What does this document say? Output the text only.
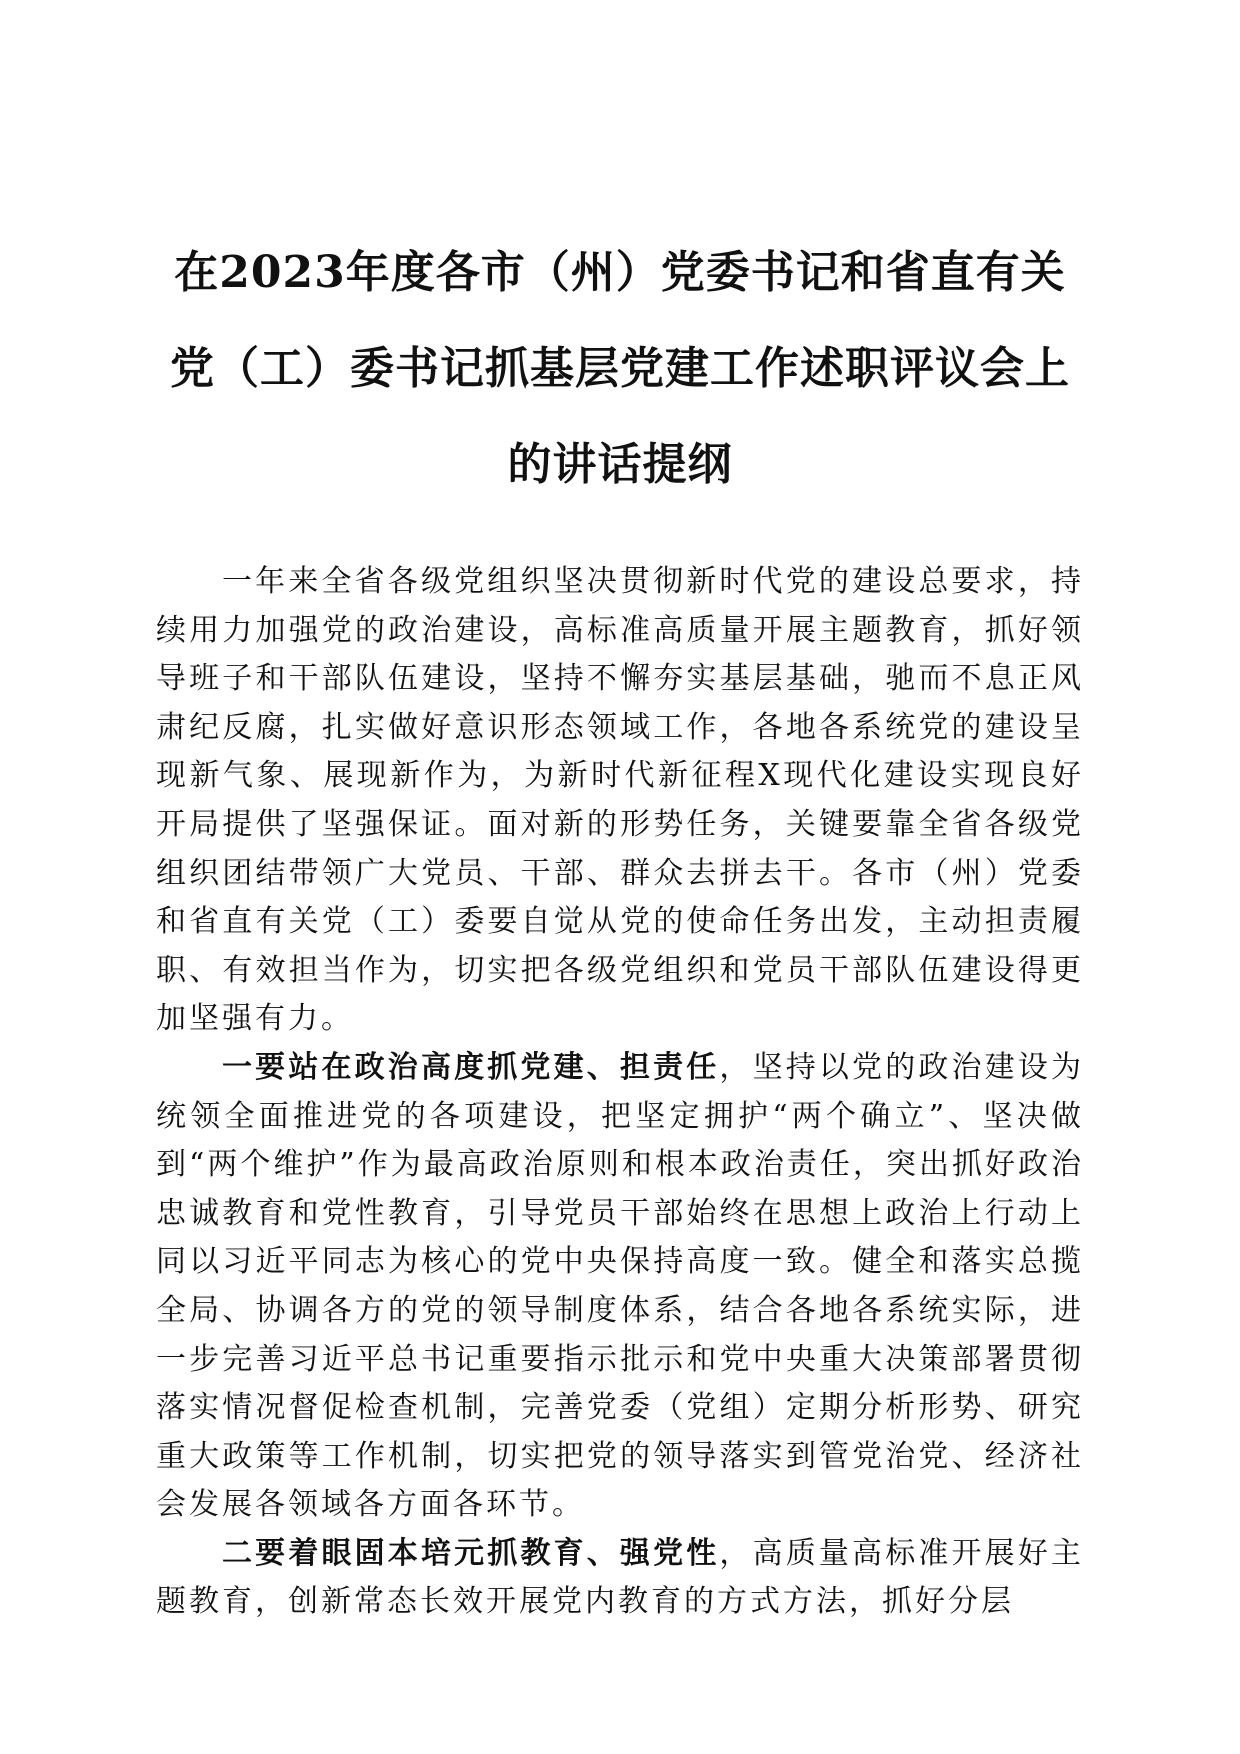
在2023年度各市（州）党委书记和省直有关
党（工）委书记抓基层党建工作述职评议会上
的讲话提纲

一年来全省各级党组织坚决贯彻新时代党的建设总要求，持续用力加强党的政治建设，高标准高质量开展主题教育，抓好领导班子和干部队伍建设，坚持不懈夯实基层基础，驰而不息正风肃纪反腐，扎实做好意识形态领域工作，各地各系统党的建设呈现新气象、展现新作为，为新时代新征程X现代化建设实现良好开局提供了坚强保证。面对新的形势任务，关键要靠全省各级党组织团结带领广大党员、干部、群众去拼去干。各市（州）党委和省直有关党（工）委要自觉从党的使命任务出发，主动担责履职、有效担当作为，切实把各级党组织和党员干部队伍建设得更加坚强有力。

一要站在政治高度抓党建、担责任，坚持以党的政治建设为统领全面推进党的各项建设，把坚定拥护“两个确立”、坚决做到“两个维护”作为最高政治原则和根本政治责任，突出抓好政治忠诚教育和党性教育，引导党员干部始终在思想上政治上行动上同以习近平同志为核心的党中央保持高度一致。健全和落实总揽全局、协调各方的党的领导制度体系，结合各地各系统实际，进一步完善习近平总书记重要指示批示和党中央重大决策部署贯彻落实情况督促检查机制，完善党委（党组）定期分析形势、研究重大政策等工作机制，切实把党的领导落实到管党治党、经济社会发展各领域各方面各环节。

二要着眼固本培元抓教育、强党性，高质量高标准开展好主题教育，创新常态长效开展党内教育的方式方法，抓好分层
